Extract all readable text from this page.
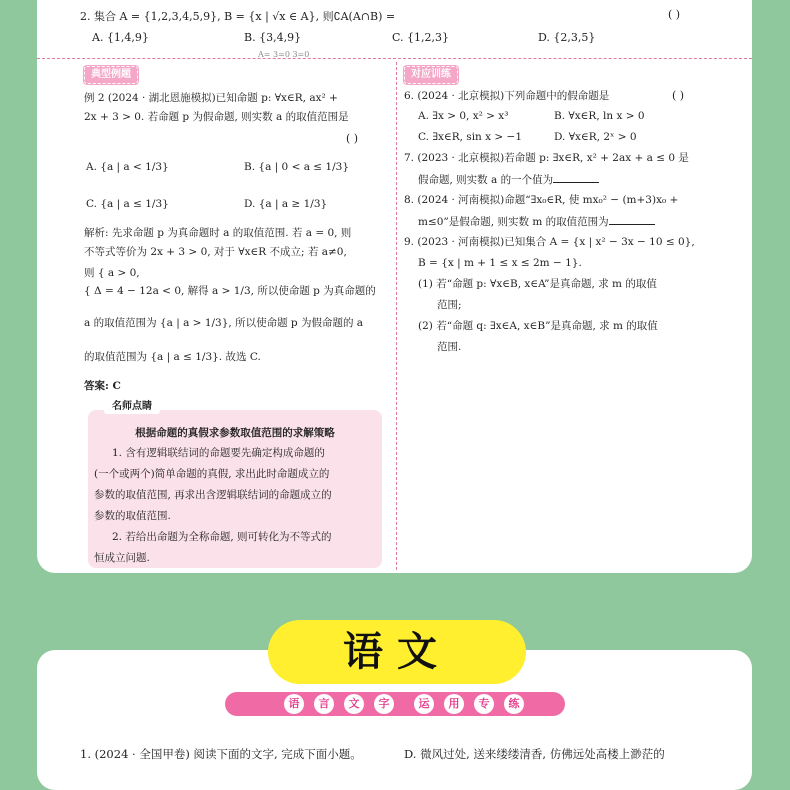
2. 集合 A = {1,2,3,4,5,9}, B = {x | √x ∈ A}, 则∁A(A∩B) =	( )
A. {1,4,9}	B. {3,4,9}	C. {1,2,3}	D. {2,3,5}
A= 3=0 3=0
典型例题	对应训练
例 2 (2024 · 湖北恩施模拟)已知命题 p: ∀x∈R, ax² +
2x + 3 > 0. 若命题 p 为假命题, 则实数 a 的取值范围是
( )
A. {a | a < 1/3}	B. {a | 0 < a ≤ 1/3}
C. {a | a ≤ 1/3}	D. {a | a ≥ 1/3}
解析: 先求命题 p 为真命题时 a 的取值范围. 若 a = 0, 则
不等式等价为 2x + 3 > 0, 对于 ∀x∈R 不成立; 若 a≠0,
则 { a > 0,
{ Δ = 4 − 12a < 0, 解得 a > 1/3, 所以使命题 p 为真命题的
a 的取值范围为 {a | a > 1/3}, 所以使命题 p 为假命题的 a
的取值范围为 {a | a ≤ 1/3}. 故选 C.
答案: C
名师点睛
根据命题的真假求参数取值范围的求解策略
1. 含有逻辑联结词的命题要先确定构成命题的
(一个或两个)简单命题的真假, 求出此时命题成立的
参数的取值范围, 再求出含逻辑联结词的命题成立的
参数的取值范围.
2. 若给出命题为全称命题, 则可转化为不等式的
恒成立问题.
6. (2024 · 北京模拟)下列命题中的假命题是	( )
A. ∃x > 0, x² > x³	B. ∀x∈R, ln x > 0
C. ∃x∈R, sin x > −1	D. ∀x∈R, 2ˣ > 0
7. (2023 · 北京模拟)若命题 p: ∃x∈R, x² + 2ax + a ≤ 0 是
假命题, 则实数 a 的一个值为
8. (2024 · 河南模拟)命题“∃x₀∈R, 使 mx₀² − (m+3)x₀ +
m≤0”是假命题, 则实数 m 的取值范围为
9. (2023 · 河南模拟)已知集合 A = {x | x² − 3x − 10 ≤ 0},
B = {x | m + 1 ≤ x ≤ 2m − 1}.
(1) 若“命题 p: ∀x∈B, x∈A”是真命题, 求 m 的取值
范围;
(2) 若“命题 q: ∃x∈A, x∈B”是真命题, 求 m 的取值
范围.
语文
语	言	文	字	运	用	专	练
1. (2024 · 全国甲卷) 阅读下面的文字, 完成下面小题。	D. 微风过处, 送来缕缕清香, 仿佛远处高楼上渺茫的
